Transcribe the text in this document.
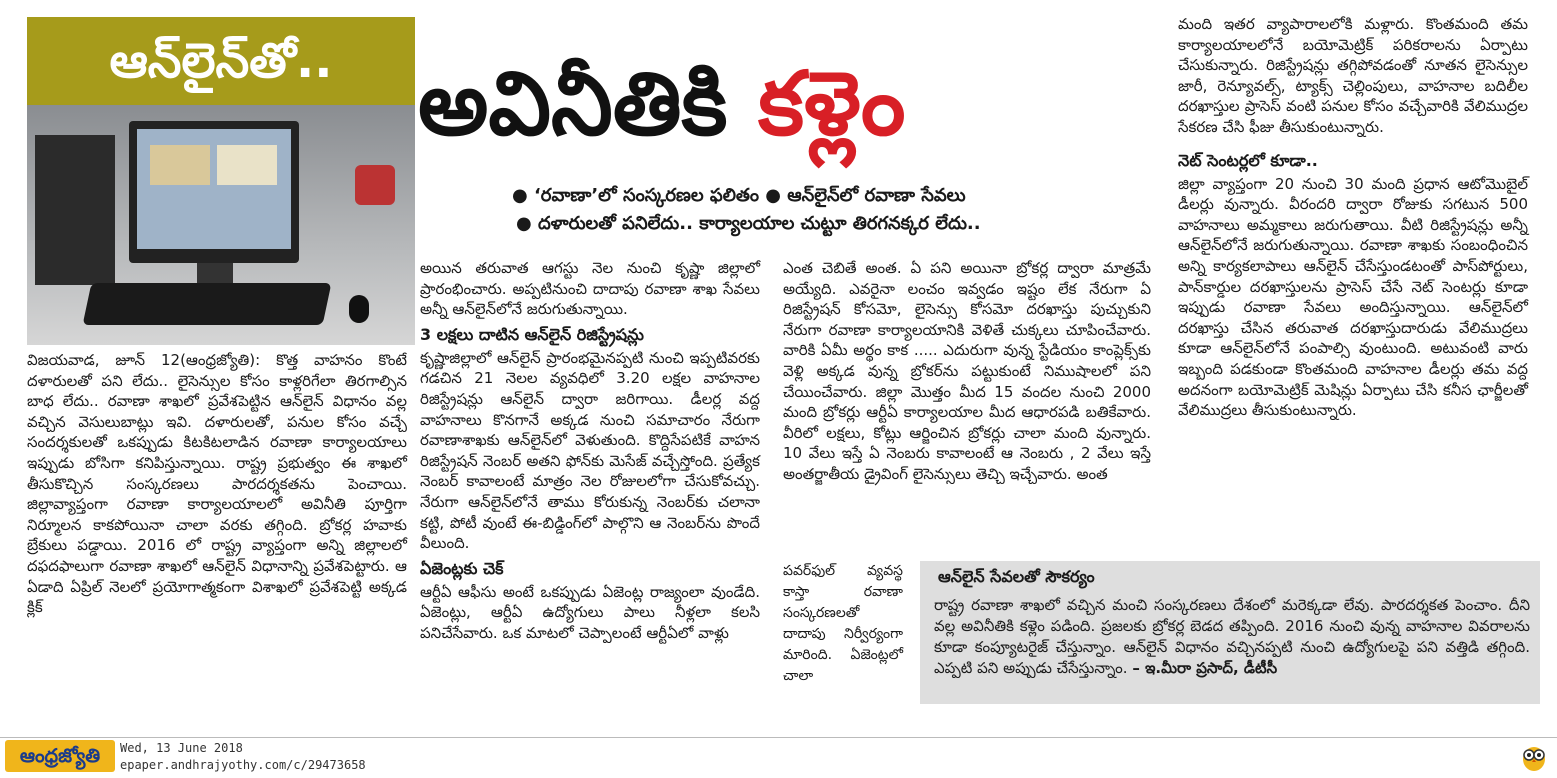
ఆన్‌లైన్‌తో.. అవినీతికి కళ్లెం
● ‘రవాణా’లో సంస్కరణల ఫలితం ● ఆన్‌లైన్‌లో రవాణా సేవలు
● దళారులతో పనిలేదు.. కార్యాలయాల చుట్టూ తిరగనక్కర లేదు..

విజయవాడ, జూన్ 12(ఆంధ్రజ్యోతి): కొత్త వాహనం కొంటే దళారులతో పని లేదు.. లైసెన్సుల కోసం కాళ్లరిగేలా తిరగాల్సిన బాధ లేదు.. రవాణా శాఖలో ప్రవేశపెట్టిన ఆన్‌లైన్ విధానం వల్ల వచ్చిన వెసులుబాట్లు ఇవి. దళారులతో, పనుల కోసం వచ్చే సందర్శకులతో ఒకప్పుడు కిటకిటలాడిన రవాణా కార్యాలయాలు ఇప్పుడు బోసిగా కనిపిస్తున్నాయి. రాష్ట్ర ప్రభుత్వం ఈ శాఖలో తీసుకొచ్చిన సంస్కరణలు పారదర్శకతను పెంచాయి. జిల్లావ్యాప్తంగా రవాణా కార్యాలయాలలో అవినీతి పూర్తిగా నిర్మూలన కాకపోయినా చాలా వరకు తగ్గింది. బ్రోకర్ల హవాకు బ్రేకులు పడ్డాయి. 2016 లో రాష్ట్ర వ్యాప్తంగా అన్ని జిల్లాలలో దఫదఫాలుగా రవాణా శాఖలో ఆన్‌లైన్ విధానాన్ని ప్రవేశపెట్టారు. ఆ ఏడాది ఏప్రిల్ నెలలో ప్రయోగాత్మకంగా విశాఖలో ప్రవేశపెట్టి అక్కడ క్లిక్

అయిన తరువాత ఆగస్టు నెల నుంచి కృష్ణా జిల్లాలో ప్రారంభించారు. అప్పటినుంచి దాదాపు రవాణా శాఖ సేవలు అన్నీ ఆన్‌లైన్‌లోనే జరుగుతున్నాయి.

3 లక్షలు దాటిన ఆన్‌లైన్ రిజిస్ట్రేషన్లు

కృష్ణాజిల్లాలో ఆన్‌లైన్ ప్రారంభమైనప్పటి నుంచి ఇప్పటివరకు గడచిన 21 నెలల వ్యవధిలో 3.20 లక్షల వాహనాల రిజిస్ట్రేషన్లు ఆన్‌లైన్ ద్వారా జరిగాయి. డీలర్ల వద్ద వాహనాలు కొనగానే అక్కడ నుంచి సమాచారం నేరుగా రవాణాశాఖకు ఆన్‌లైన్‌లో వెళుతుంది. కొద్దిసేపటికే వాహన రిజిస్ట్రేషన్ నెంబర్ అతని ఫోన్‌కు మెసేజ్ వచ్చేస్తోంది. ప్రత్యేక నెంబర్ కావాలంటే మాత్రం నెల రోజులలోగా చేసుకోవచ్చు. నేరుగా ఆన్‌లైన్‌లోనే తాము కోరుకున్న నెంబర్‌కు చలానా కట్టి, పోటీ వుంటే ఈ-బిడ్డింగ్‌లో పాల్గొని ఆ నెంబర్‌ను పొందే వీలుంది.

ఏజెంట్లకు చెక్

ఆర్టీఏ ఆఫీసు అంటే ఒకప్పుడు ఏజెంట్ల రాజ్యంలా వుండేది. ఏజెంట్లు, ఆర్టీఏ ఉద్యోగులు పాలు నీళ్లలా కలసి పనిచేసేవారు. ఒక మాటలో చెప్పాలంటే ఆర్టీఏలో వాళ్లు

ఎంత చెబితే అంత. ఏ పని అయినా బ్రోకర్ల ద్వారా మాత్రమే అయ్యేది. ఎవరైనా లంచం ఇవ్వడం ఇష్టం లేక నేరుగా ఏ రిజిస్ట్రేషన్ కోసమో, లైసెన్సు కోసమో దరఖాస్తు పుచ్చుకుని నేరుగా రవాణా కార్యాలయానికి వెళితే చుక్కలు చూపించేవారు. వారికి ఏమీ అర్థం కాక ..... ఎదురుగా వున్న స్టేడియం కాంప్లెక్స్‌కు వెళ్లి అక్కడ వున్న బ్రోకర్‌ను పట్టుకుంటే నిముషాలలో పని చేయించేవారు. జిల్లా మొత్తం మీద 15 వందల నుంచి 2000 మంది బ్రోకర్లు ఆర్టీఏ కార్యాలయాల మీద ఆధారపడి బతికేవారు. వీరిలో లక్షలు, కోట్లు ఆర్జించిన బ్రోకర్లు చాలా మంది వున్నారు. 10 వేలు ఇస్తే ఏ నెంబరు కావాలంటే ఆ నెంబరు , 2 వేలు ఇస్తే అంతర్జాతీయ డ్రైవింగ్ లైసెన్సులు తెచ్చి ఇచ్చేవారు. అంత

పవర్‌ఫుల్ వ్యవస్థ కాస్తా రవాణా సంస్కరణలతో దాదాపు నిర్వీర్యంగా మారింది. ఏజెంట్లలో చాలా

మంది ఇతర వ్యాపారాలలోకి మళ్లారు. కొంతమంది తమ కార్యాలయాలలోనే బయోమెట్రిక్ పరికరాలను ఏర్పాటు చేసుకున్నారు. రిజిస్ట్రేషన్లు తగ్గిపోవడంతో నూతన లైసెన్సుల జారీ, రెన్యూవల్స్, ట్యాక్స్ చెల్లింపులు, వాహనాల బదిలీల దరఖాస్తుల ప్రాసెస్ వంటి పనుల కోసం వచ్చేవారికి వేలిముద్రల సేకరణ చేసి ఫీజు తీసుకుంటున్నారు.

నెట్ సెంటర్లలో కూడా..

జిల్లా వ్యాప్తంగా 20 నుంచి 30 మంది ప్రధాన ఆటోమొబైల్ డీలర్లు వున్నారు. వీరందరి ద్వారా రోజుకు సగటున 500 వాహనాలు అమ్మకాలు జరుగుతాయి. వీటి రిజిస్ట్రేషన్లు అన్నీ ఆన్‌లైన్‌లోనే జరుగుతున్నాయి. రవాణా శాఖకు సంబంధించిన అన్ని కార్యకలాపాలు ఆన్‌లైన్ చేసేస్తుండటంతో పాస్‌పోర్టులు, పాన్‌కార్డుల దరఖాస్తులను ప్రాసెస్ చేసే నెట్ సెంటర్లు కూడా ఇప్పుడు రవాణా సేవలు అందిస్తున్నాయి. ఆన్‌లైన్‌లో దరఖాస్తు చేసిన తరువాత దరఖాస్తుదారుడు వేలిముద్రలు కూడా ఆన్‌లైన్‌లోనే పంపాల్సి వుంటుంది. అటువంటి వారు ఇబ్బంది పడకుండా కొంతమంది వాహనాల డీలర్లు తమ వద్ద అదనంగా బయోమెట్రిక్ మెషిన్లు ఏర్పాటు చేసి కనీస ఛార్జీలతో వేలిముద్రలు తీసుకుంటున్నారు.

ఆన్‌లైన్ సేవలతో సౌకర్యం
రాష్ట్ర రవాణా శాఖలో వచ్చిన మంచి సంస్కరణలు దేశంలో మరెక్కడా లేవు. పారదర్శకత పెంచాం. దీని వల్ల అవినీతికి కళ్లెం పడింది. ప్రజలకు బ్రోకర్ల బెడద తప్పింది. 2016 నుంచి వున్న వాహనాల వివరాలను కూడా కంప్యూటరైజ్ చేస్తున్నాం. ఆన్‌లైన్ విధానం వచ్చినప్పటి నుంచి ఉద్యోగులపై పని వత్తిడి తగ్గింది. ఎప్పటి పని అప్పుడు చేసేస్తున్నాం. – ఇ.మీరా ప్రసాద్, డీటీసీ
ఆంధ్రజ్యోతి	Wed, 13 June 2018
epaper.andhrajyothy.com/c/29473658
